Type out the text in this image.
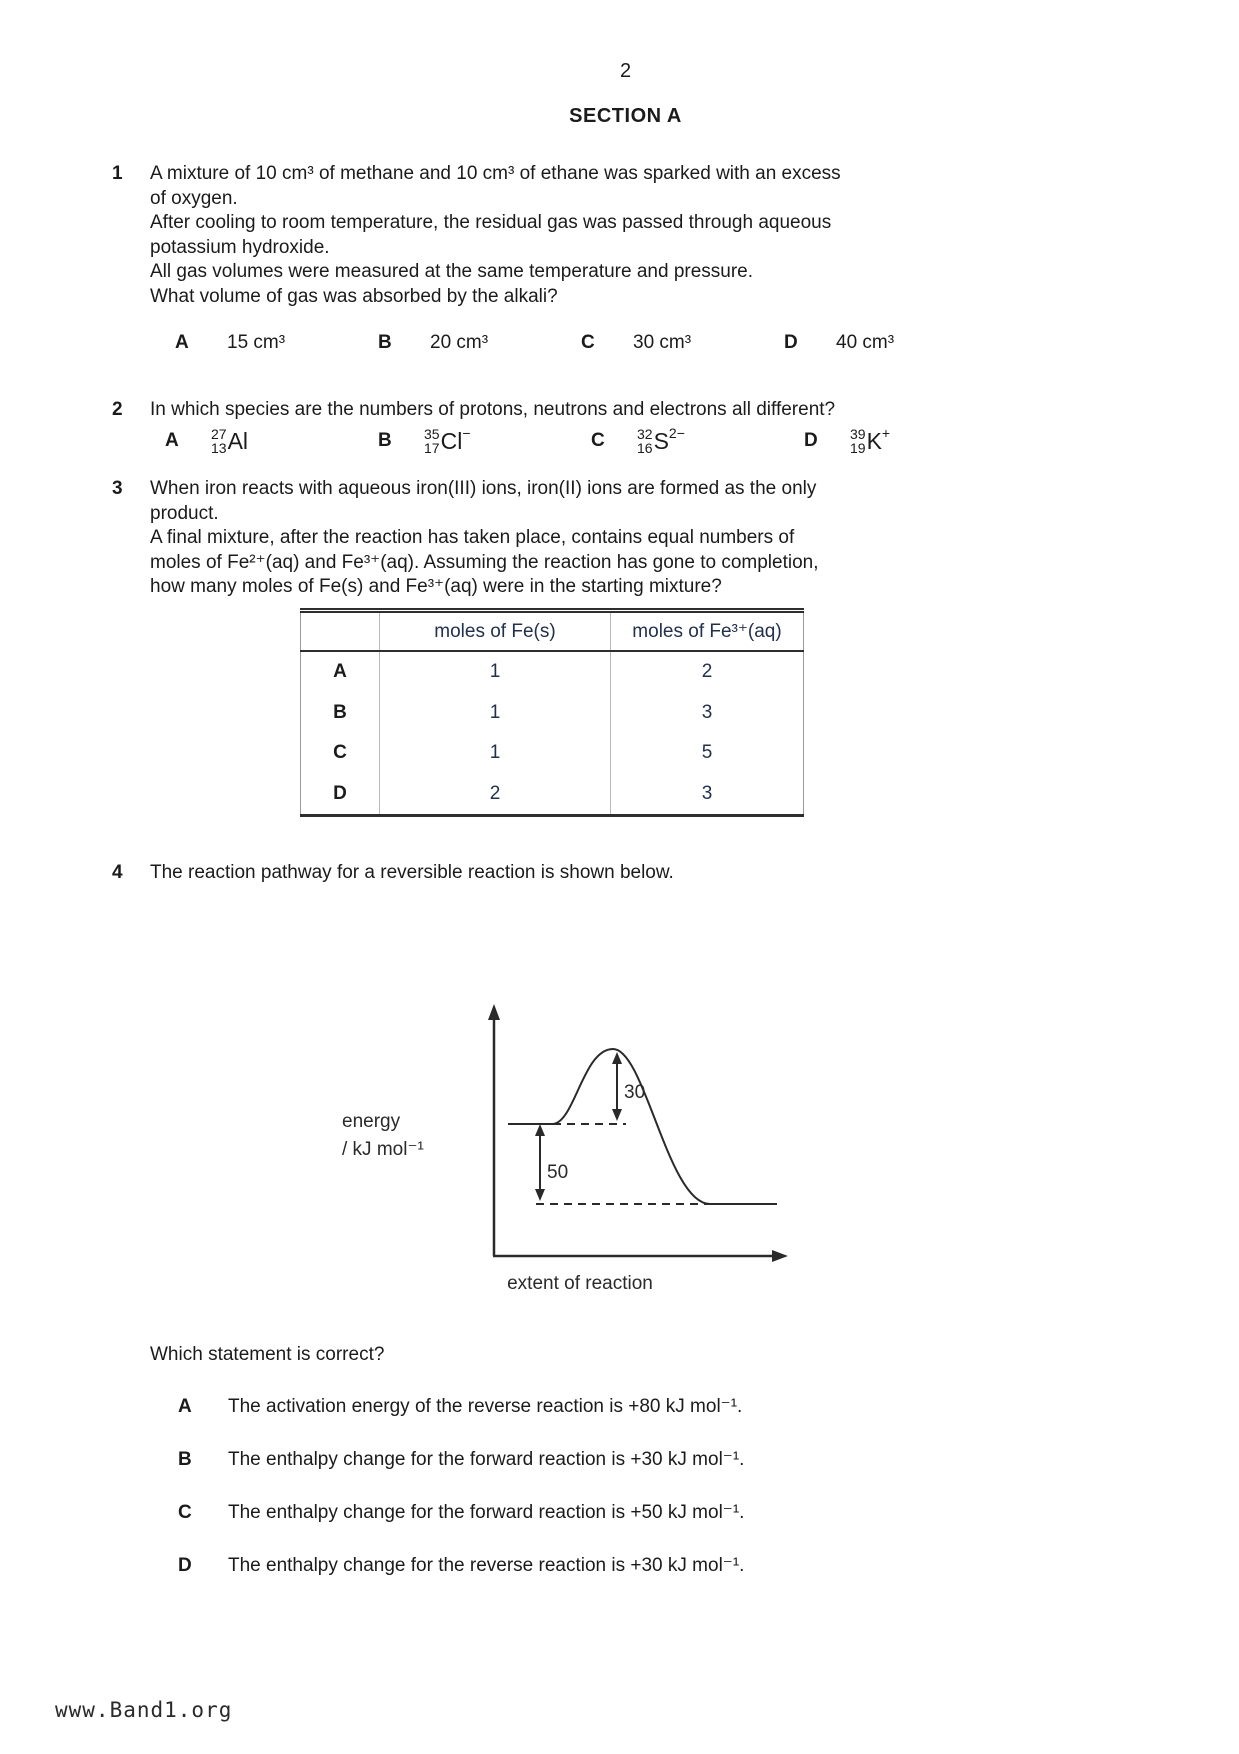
2
SECTION A
1	A mixture of 10 cm³ of methane and 10 cm³ of ethane was sparked with an excess
of oxygen.
After cooling to room temperature, the residual gas was passed through aqueous
potassium hydroxide.
All gas volumes were measured at the same temperature and pressure.
What volume of gas was absorbed by the alkali?
A	15 cm³	B	20 cm³	C	30 cm³	D	40 cm³
2	In which species are the numbers of protons, neutrons and electrons all different?
A	27
13 Al	B	35
17 Cl −	C	32
16 S 2−	D	39
19 K +
3	When iron reacts with aqueous iron(III) ions, iron(II) ions are formed as the only
product.
A final mixture, after the reaction has taken place, contains equal numbers of
moles of Fe²⁺(aq) and Fe³⁺(aq). Assuming the reaction has gone to completion,
how many moles of Fe(s) and Fe³⁺(aq) were in the starting mixture?
	moles of Fe(s)	moles of Fe³⁺(aq)
A	1	2
B	1	3
C	1	5
D	2	3
4	The reaction pathway for a reversible reaction is shown below.
30
50
energy
/ kJ mol⁻¹
extent of reaction
Which statement is correct?
A	The activation energy of the reverse reaction is +80 kJ mol⁻¹.
B	The enthalpy change for the forward reaction is +30 kJ mol⁻¹.
C	The enthalpy change for the forward reaction is +50 kJ mol⁻¹.
D	The enthalpy change for the reverse reaction is +30 kJ mol⁻¹.
www.Band1.org
